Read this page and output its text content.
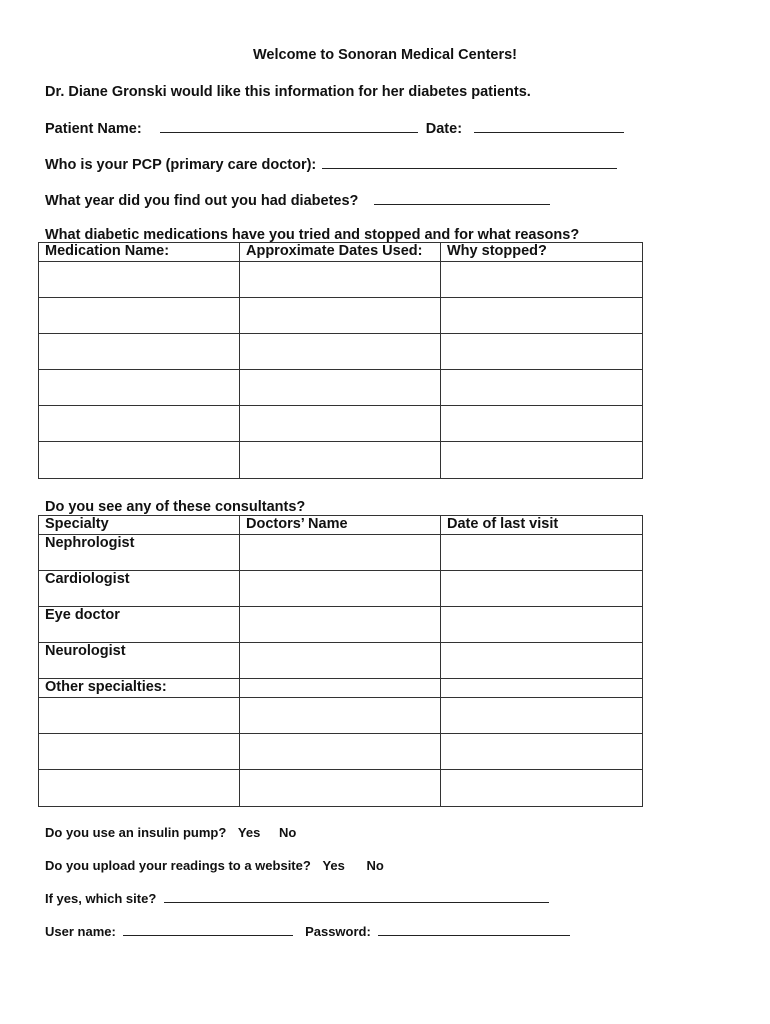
Welcome to Sonoran Medical Centers!
Dr. Diane Gronski would like this information for her diabetes patients.
Patient Name:	Date:
Who is your PCP (primary care doctor):
What year did you find out you had diabetes?
What diabetic medications have you tried and stopped and for what reasons?
Medication Name:	Approximate Dates Used:	Why stopped?

Do you see any of these consultants?
Specialty	Doctors’ Name	Date of last visit
Nephrologist		
Cardiologist		
Eye doctor		
Neurologist		
Other specialties:		

Do you use an insulin pump? Yes No
Do you upload your readings to a website? Yes No
If yes, which site?
User name:	Password:
